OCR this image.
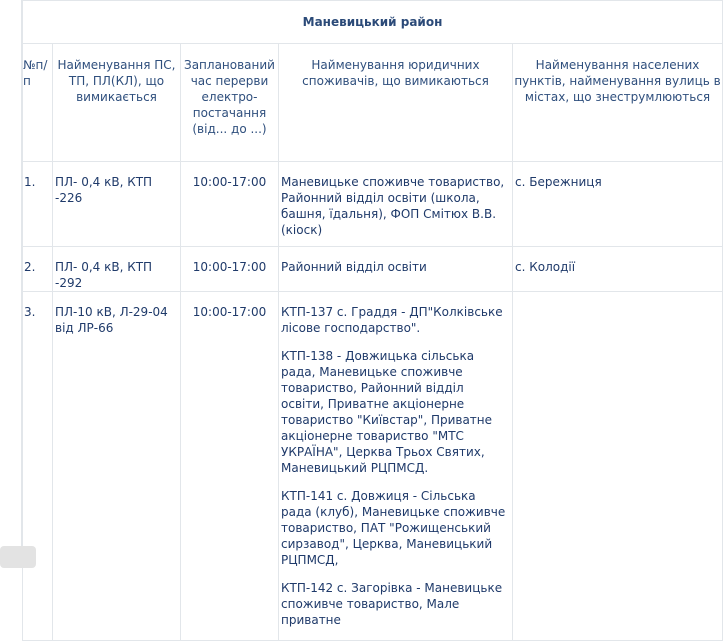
Маневицький район				
№п/п	Найменування ПС, ТП, ПЛ(КЛ), що вимикається	Запланований час перерви електро-постачання (від... до ...)	Найменування юридичних споживачів, що вимикаються	Найменування населених пунктів, найменування вулиць в містах, що знеструмлюються
1.	ПЛ- 0,4 кВ, КТП -226	10:00-17:00	Маневицьке споживче товариство, Районний відділ освіти (школа, башня, їдальня), ФОП Смітюх В.В.(кіоск)	с. Бережниця
2.	ПЛ- 0,4 кВ, КТП -292	10:00-17:00	Районний відділ освіти	с. Колодії
3.	ПЛ-10 кВ, Л-29-04 від ЛР-66	10:00-17:00	КТП-137 с. Граддя - ДП"Колківське лісове господарство".

КТП-138 - Довжицька сільська рада, Маневицьке споживче товариство, Районний відділ освіти, Приватне акціонерне товариство "Київстар", Приватне акціонерне товариство "МТС УКРАЇНА", Церква Трьох Святих, Маневицький РЦПМСД.

КТП-141 с. Довжиця - Сільська рада (клуб), Маневицьке споживче товариство, ПАТ "Рожищенський сирзавод", Церква, Маневицький РЦПМСД,

КТП-142 с. Загорівка - Маневицьке споживче товариство, Мале приватне	
